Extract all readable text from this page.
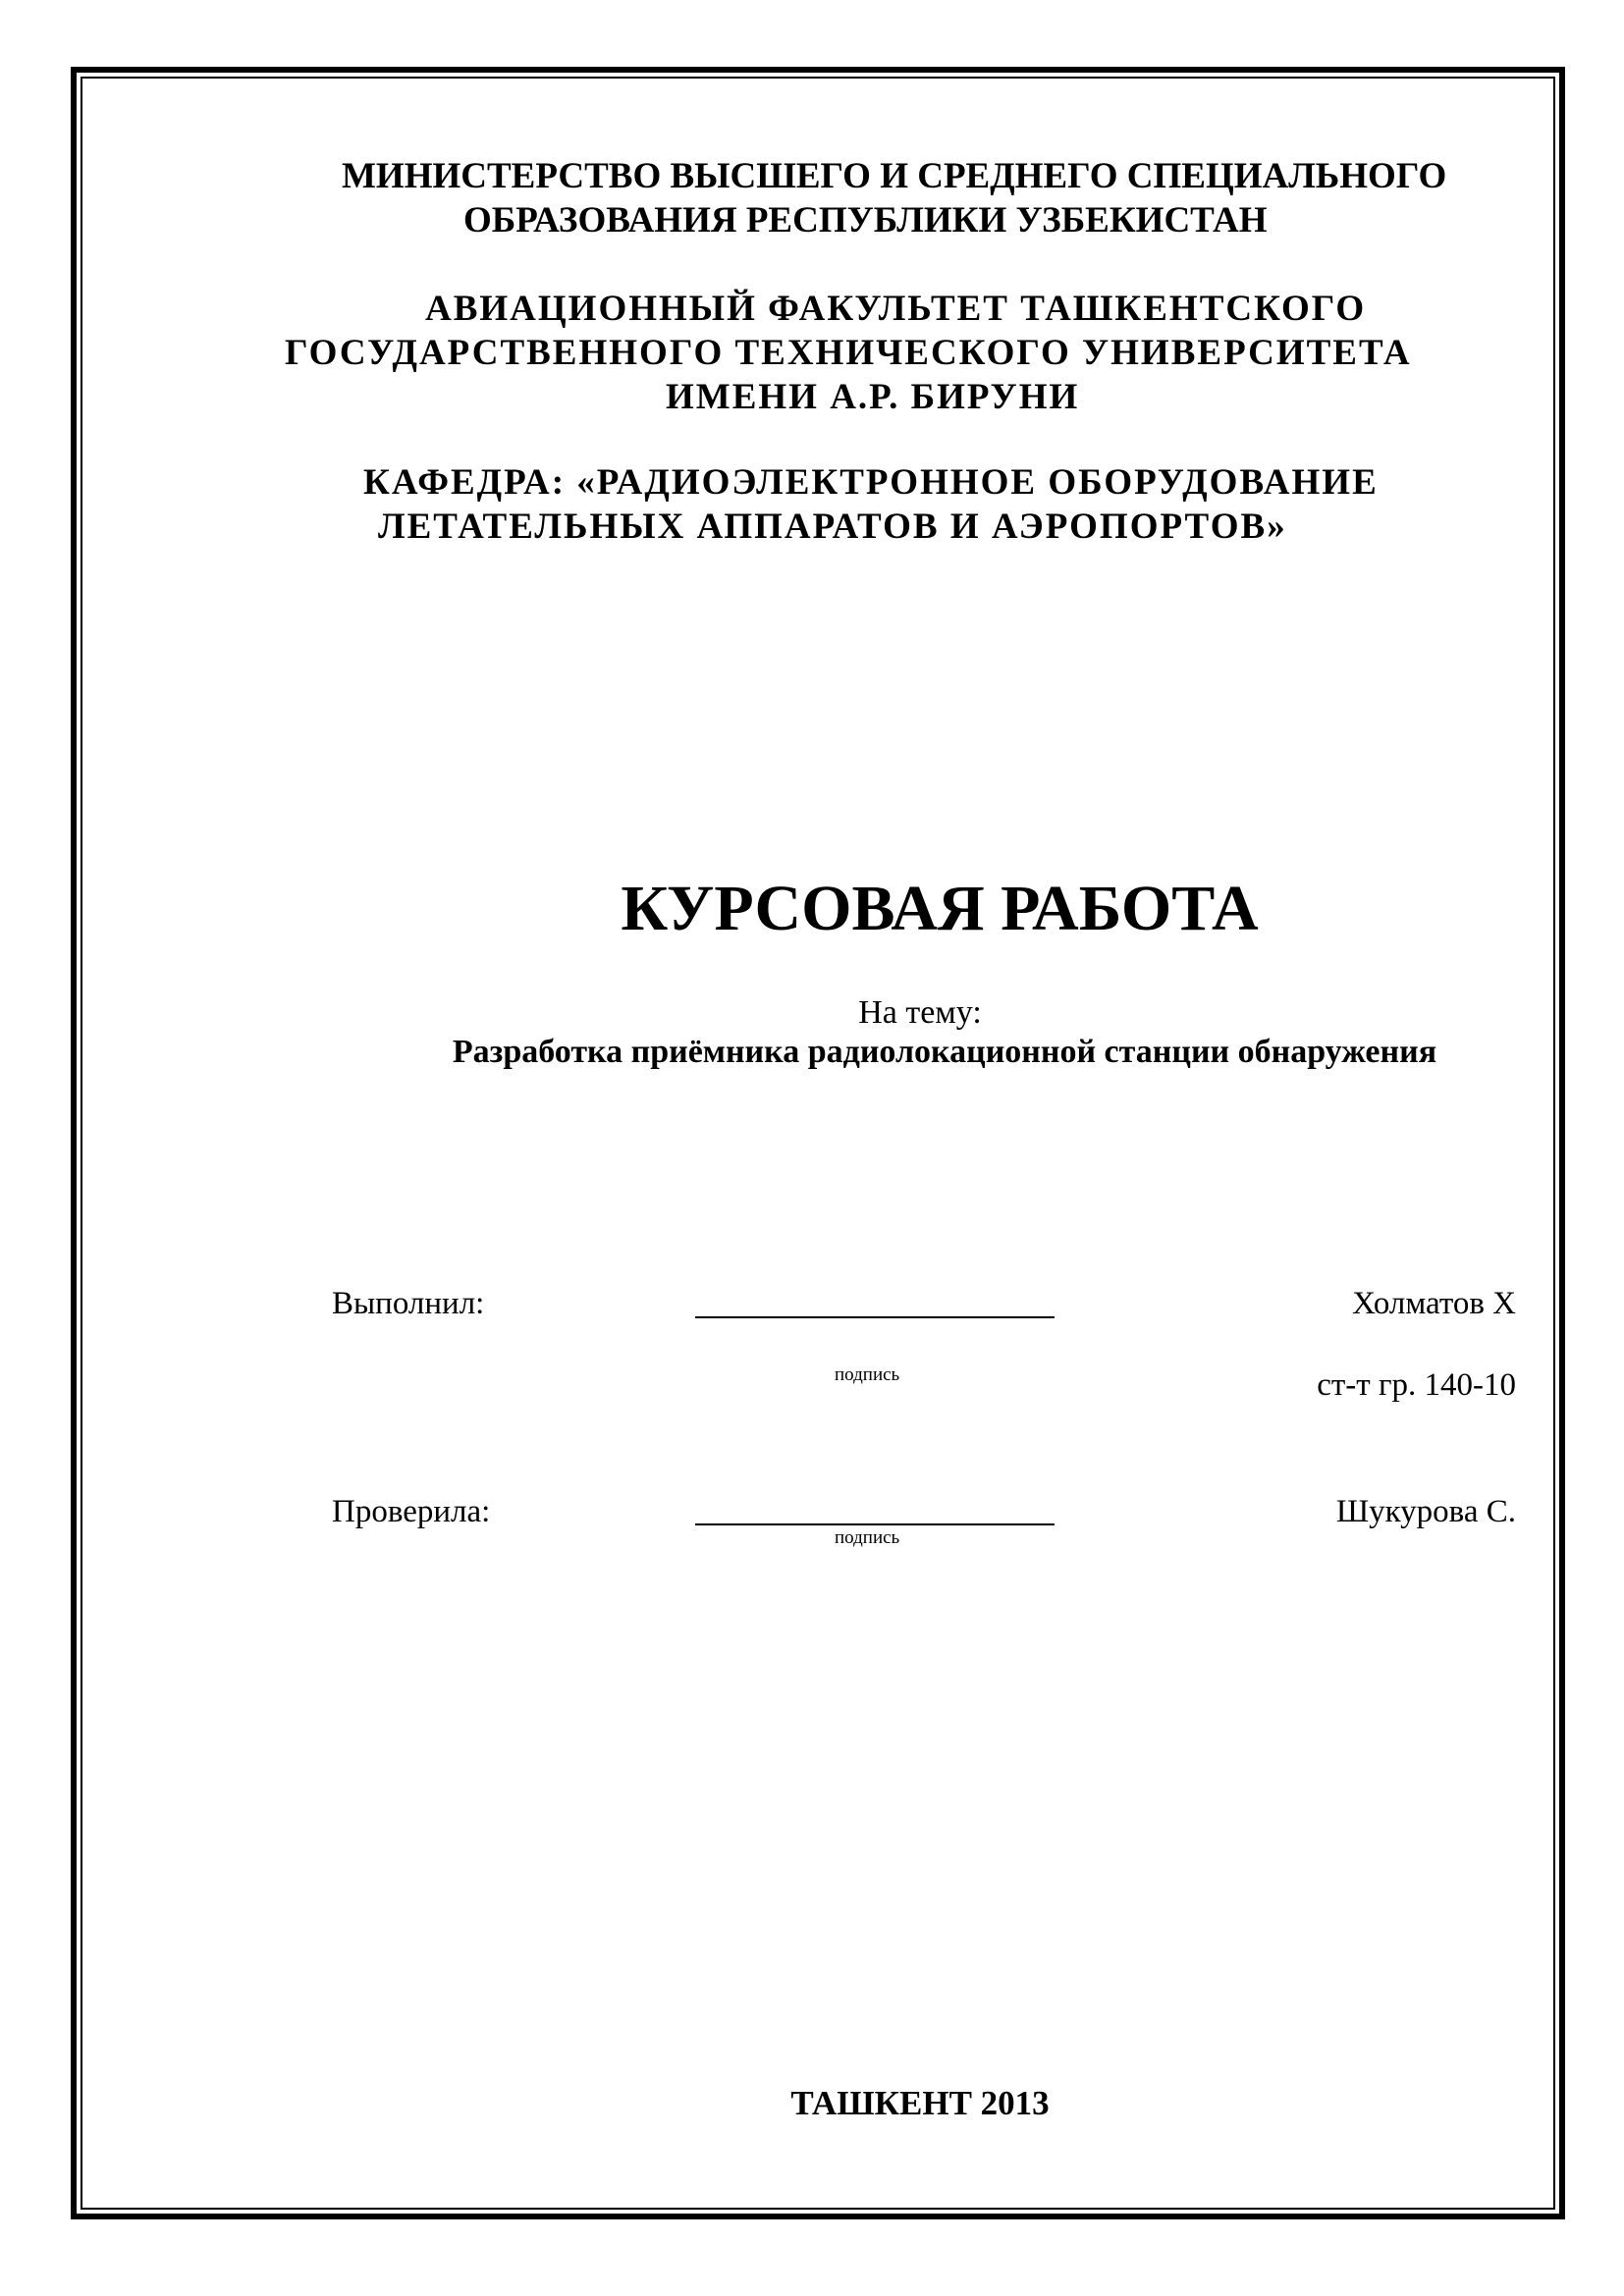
МИНИСТЕРСТВО ВЫСШЕГО И СРЕДНЕГО СПЕЦИАЛЬНОГО
ОБРАЗОВАНИЯ РЕСПУБЛИКИ УЗБЕКИСТАН
АВИАЦИОННЫЙ ФАКУЛЬТЕТ ТАШКЕНТСКОГО
ГОСУДАРСТВЕННОГО ТЕХНИЧЕСКОГО УНИВЕРСИТЕТА
ИМЕНИ А.Р. БИРУНИ
КАФЕДРА: «РАДИОЭЛЕКТРОННОЕ ОБОРУДОВАНИЕ
ЛЕТАТЕЛЬНЫХ АППАРАТОВ И АЭРОПОРТОВ»
КУРСОВАЯ РАБОТА
На тему:
Разработка приёмника радиолокационной станции обнаружения
Выполнил:
подпись
Холматов Х
ст-т гр. 140-10
Проверила:
подпись
Шукурова С.
ТАШКЕНТ 2013
